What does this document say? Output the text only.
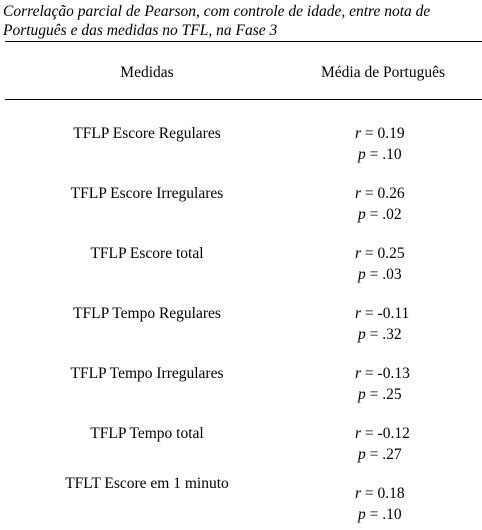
Correlação parcial de Pearson, com controle de idade, entre nota de
Português e das medidas no TFL, na Fase 3
Medidas	Média de Português
TFLP Escore Regulares	r = 0.19
p = .10
TFLP Escore Irregulares	r = 0.26
p = .02
TFLP Escore total	r = 0.25
p = .03
TFLP Tempo Regulares	r = -0.11
p = .32
TFLP Tempo Irregulares	r = -0.13
p = .25
TFLP Tempo total	r = -0.12
p = .27
TFLT Escore em 1 minuto
r = 0.18
p = .10
